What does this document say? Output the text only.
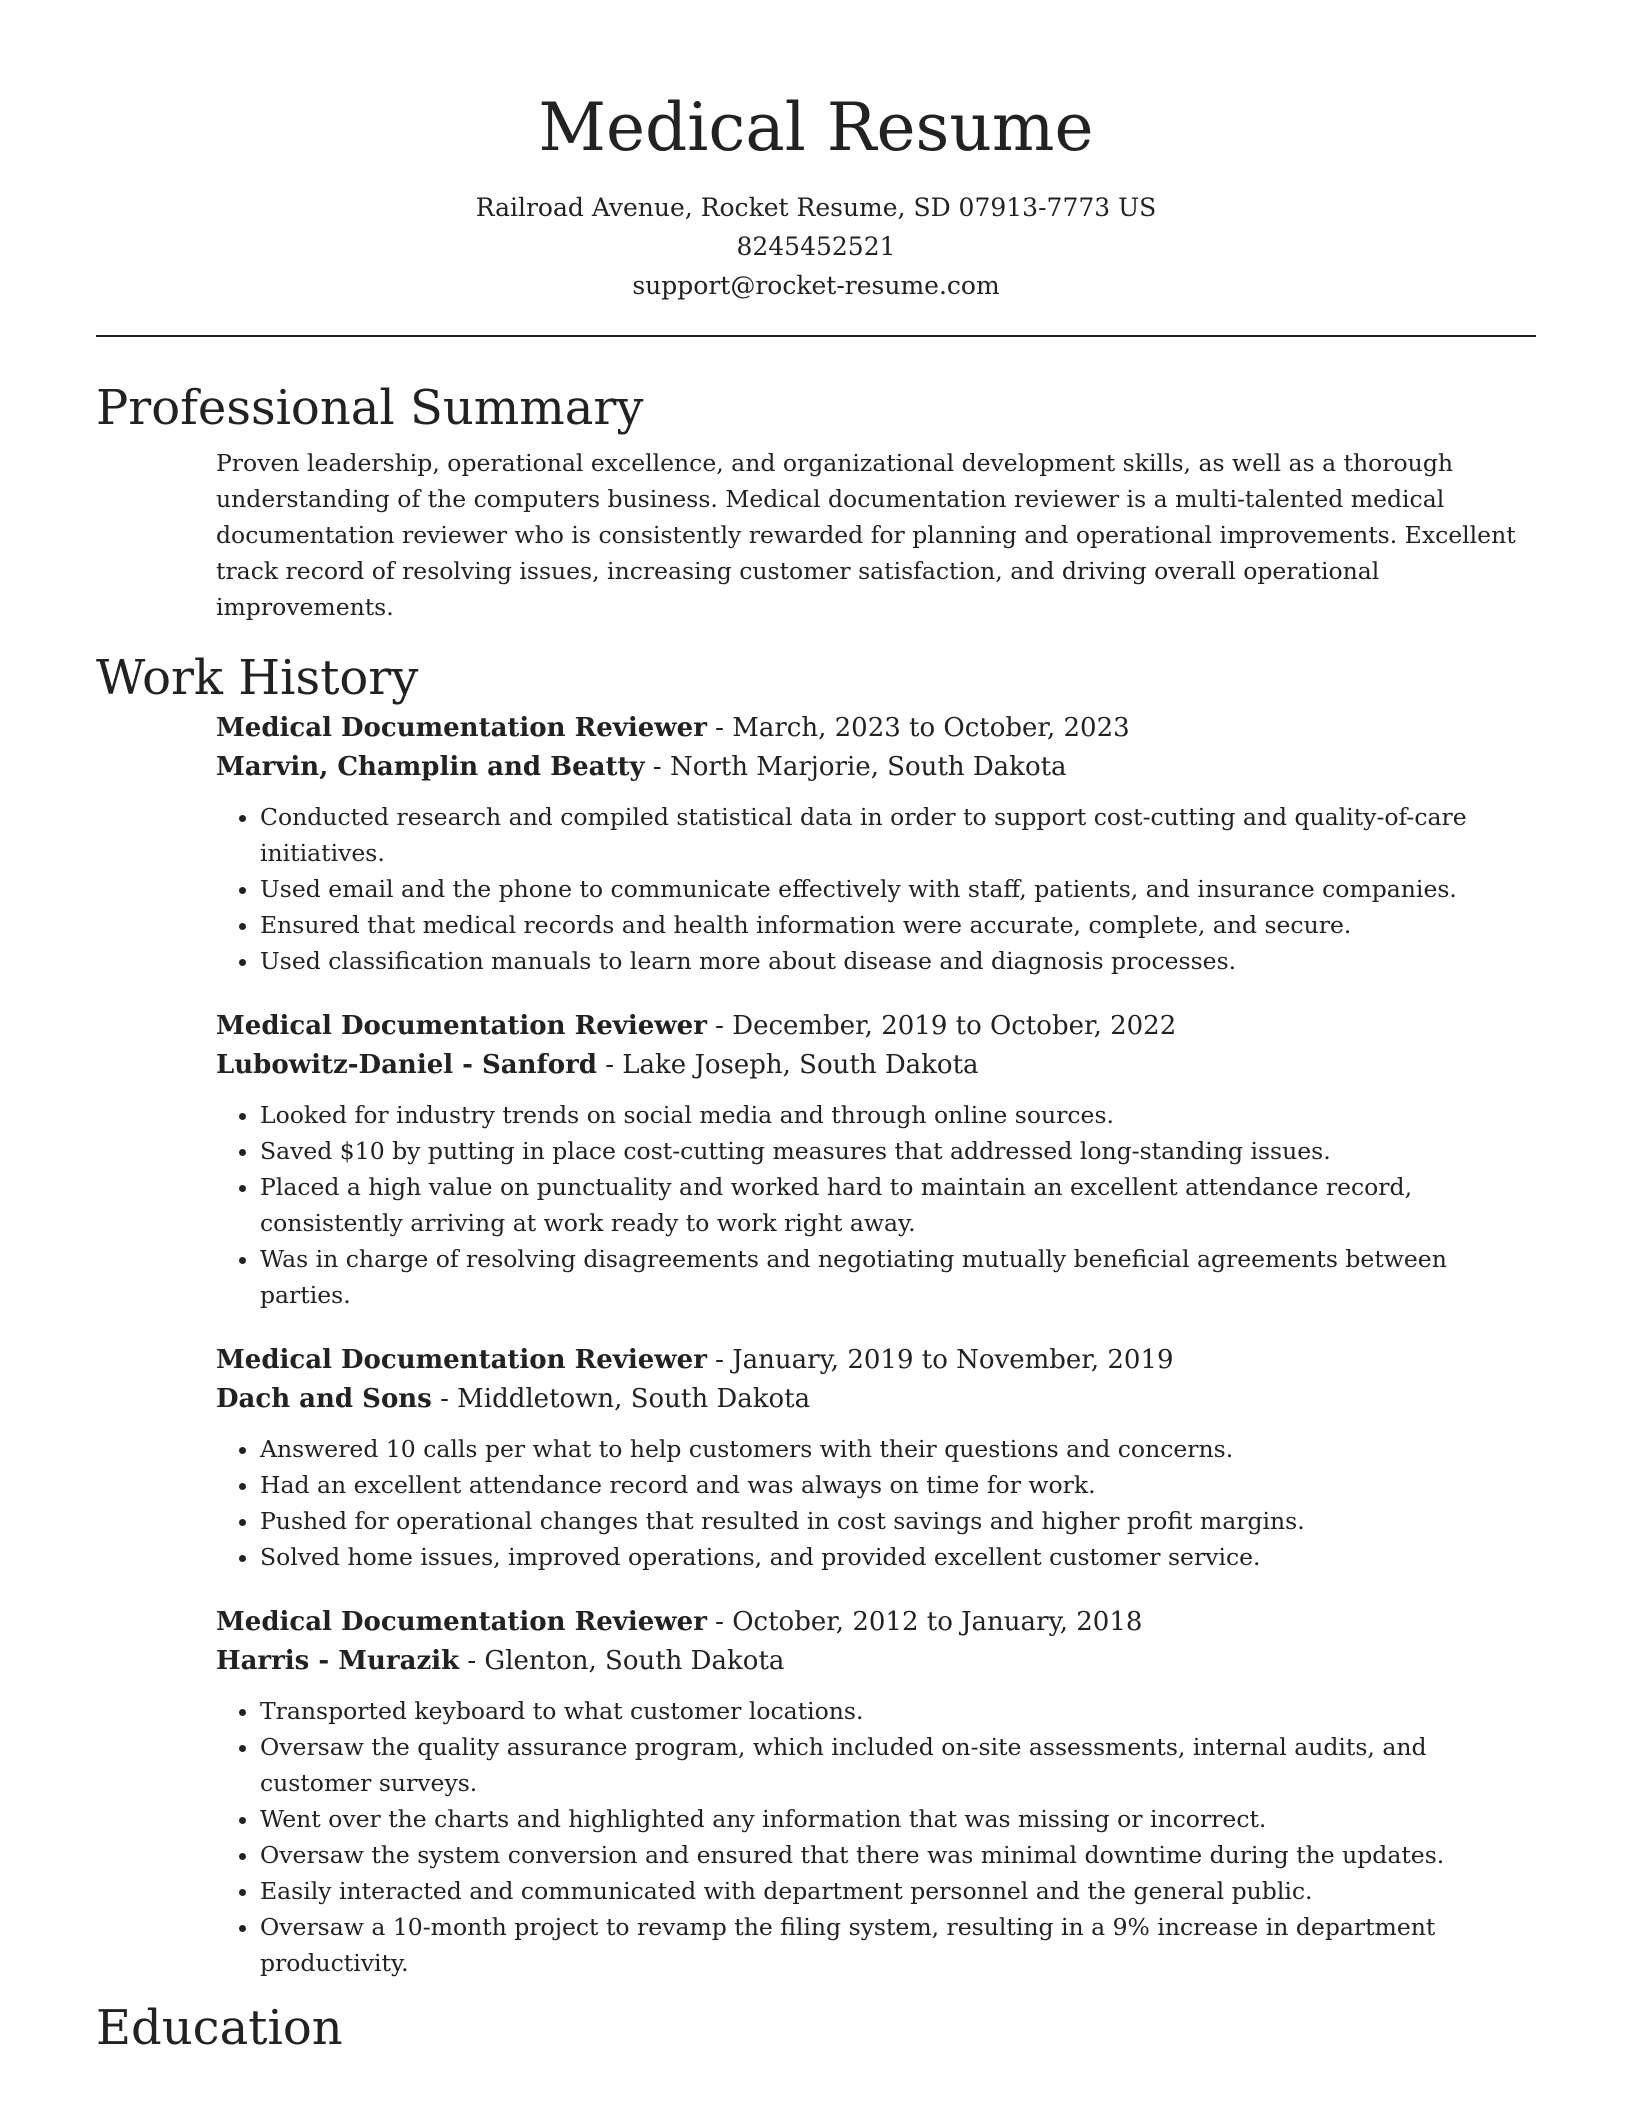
Medical Resume
Railroad Avenue, Rocket Resume, SD 07913-7773 US
8245452521
support@rocket-resume.com
Professional Summary

Proven leadership, operational excellence, and organizational development skills, as well as a thorough understanding of the computers business. Medical documentation reviewer is a multi-talented medical documentation reviewer who is consistently rewarded for planning and operational improvements. Excellent track record of resolving issues, increasing customer satisfaction, and driving overall operational improvements.

Work History
Medical Documentation Reviewer - March, 2023 to October, 2023
Marvin, Champlin and Beatty - North Marjorie, South Dakota
• Conducted research and compiled statistical data in order to support cost-cutting and quality-of-care initiatives.
• Used email and the phone to communicate effectively with staff, patients, and insurance companies.
• Ensured that medical records and health information were accurate, complete, and secure.
• Used classification manuals to learn more about disease and diagnosis processes.
Medical Documentation Reviewer - December, 2019 to October, 2022
Lubowitz-Daniel - Sanford - Lake Joseph, South Dakota
• Looked for industry trends on social media and through online sources.
• Saved $10 by putting in place cost-cutting measures that addressed long-standing issues.
• Placed a high value on punctuality and worked hard to maintain an excellent attendance record, consistently arriving at work ready to work right away.
• Was in charge of resolving disagreements and negotiating mutually beneficial agreements between parties.
Medical Documentation Reviewer - January, 2019 to November, 2019
Dach and Sons - Middletown, South Dakota
• Answered 10 calls per what to help customers with their questions and concerns.
• Had an excellent attendance record and was always on time for work.
• Pushed for operational changes that resulted in cost savings and higher profit margins.
• Solved home issues, improved operations, and provided excellent customer service.
Medical Documentation Reviewer - October, 2012 to January, 2018
Harris - Murazik - Glenton, South Dakota
• Transported keyboard to what customer locations.
• Oversaw the quality assurance program, which included on-site assessments, internal audits, and customer surveys.
• Went over the charts and highlighted any information that was missing or incorrect.
• Oversaw the system conversion and ensured that there was minimal downtime during the updates.
• Easily interacted and communicated with department personnel and the general public.
• Oversaw a 10-month project to revamp the filing system, resulting in a 9% increase in department productivity.
Education
